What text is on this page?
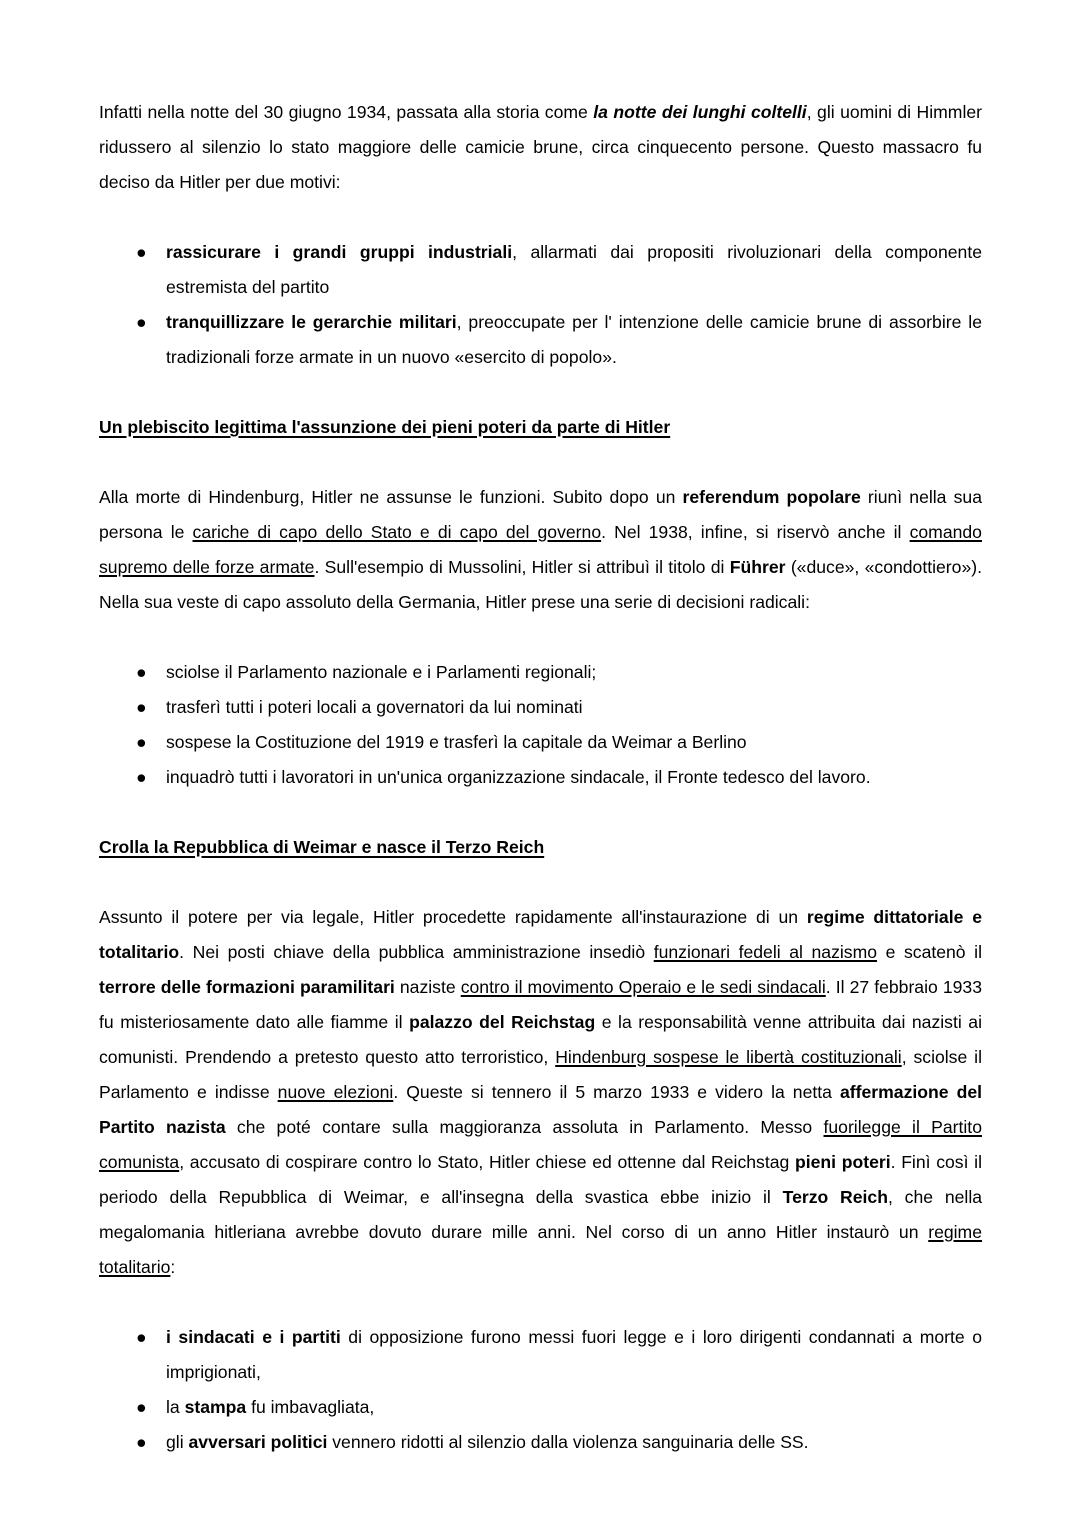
Infatti nella notte del 30 giugno 1934, passata alla storia come la notte dei lunghi coltelli, gli uomini di Himmler ridussero al silenzio lo stato maggiore delle camicie brune, circa cinquecento persone. Questo massacro fu deciso da Hitler per due motivi:

● rassicurare i grandi gruppi industriali, allarmati dai propositi rivoluzionari della componente estremista del partito
● tranquillizzare le gerarchie militari, preoccupate per l' intenzione delle camicie brune di assorbire le tradizionali forze armate in un nuovo «esercito di popolo».
Un plebiscito legittima l'assunzione dei pieni poteri da parte di Hitler

Alla morte di Hindenburg, Hitler ne assunse le funzioni. Subito dopo un referendum popolare riunì nella sua persona le cariche di capo dello Stato e di capo del governo. Nel 1938, infine, si riservò anche il comando supremo delle forze armate. Sull'esempio di Mussolini, Hitler si attribuì il titolo di Führer («duce», «condottiero»). Nella sua veste di capo assoluto della Germania, Hitler prese una serie di decisioni radicali:

● sciolse il Parlamento nazionale e i Parlamenti regionali;
● trasferì tutti i poteri locali a governatori da lui nominati
● sospese la Costituzione del 1919 e trasferì la capitale da Weimar a Berlino
● inquadrò tutti i lavoratori in un'unica organizzazione sindacale, il Fronte tedesco del lavoro.
Crolla la Repubblica di Weimar e nasce il Terzo Reich

Assunto il potere per via legale, Hitler procedette rapidamente all'instaurazione di un regime dittatoriale e totalitario. Nei posti chiave della pubblica amministrazione insediò funzionari fedeli al nazismo e scatenò il terrore delle formazioni paramilitari naziste contro il movimento Operaio e le sedi sindacali. Il 27 febbraio 1933 fu misteriosamente dato alle fiamme il palazzo del Reichstag e la responsabilità venne attribuita dai nazisti ai comunisti. Prendendo a pretesto questo atto terroristico, Hindenburg sospese le libertà costituzionali, sciolse il Parlamento e indisse nuove elezioni. Queste si tennero il 5 marzo 1933 e videro la netta affermazione del Partito nazista che poté contare sulla maggioranza assoluta in Parlamento. Messo fuorilegge il Partito comunista, accusato di cospirare contro lo Stato, Hitler chiese ed ottenne dal Reichstag pieni poteri. Finì così il periodo della Repubblica di Weimar, e all'insegna della svastica ebbe inizio il Terzo Reich, che nella megalomania hitleriana avrebbe dovuto durare mille anni. Nel corso di un anno Hitler instaurò un regime totalitario:

● i sindacati e i partiti di opposizione furono messi fuori legge e i loro dirigenti condannati a morte o imprigionati,
● la stampa fu imbavagliata,
● gli avversari politici vennero ridotti al silenzio dalla violenza sanguinaria delle SS.
